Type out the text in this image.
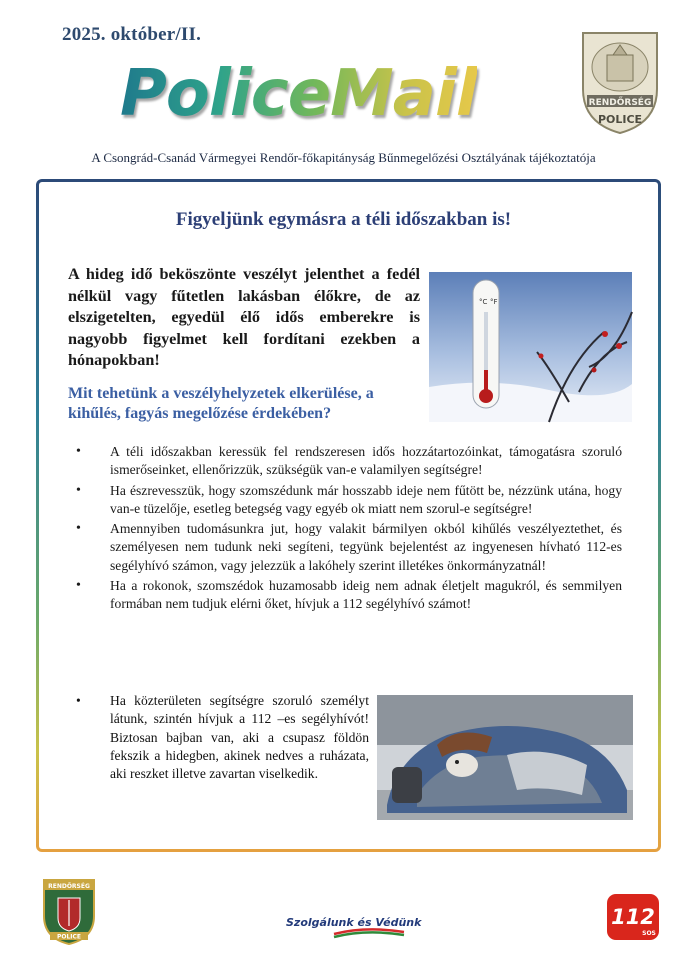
2025. október/II.
PoliceMail	RENDŐRSÉG
POLICE
A Csongrád-Csanád Vármegyei Rendőr-főkapitányság Bűnmegelőzési Osztályának tájékoztatója
Figyeljünk egymásra a téli időszakban is!
A hideg idő beköszönte veszélyt jelenthet a fedél nélkül vagy fűtetlen lakásban élőkre, de az elszigetelten, egyedül élő idős emberekre is nagyobb figyelmet kell fordítani ezekben a hónapokban!
Mit tehetünk a veszélyhelyzetek elkerülése, a kihűlés, fagyás megelőzése érdekében?
°C °F
• A téli időszakban keressük fel rendszeresen idős hozzátartozóinkat, támogatásra szoruló ismerőseinket, ellenőrizzük, szükségük van-e valamilyen segítségre!
• Ha észrevesszük, hogy szomszédunk már hosszabb ideje nem fűtött be, nézzünk utána, hogy van-e tüzelője, esetleg betegség vagy egyéb ok miatt nem szorul-e segítségre!
• Amennyiben tudomásunkra jut, hogy valakit bármilyen okból kihűlés veszélyeztethet, és személyesen nem tudunk neki segíteni, tegyünk bejelentést az ingyenesen hívható 112-es segélyhívó számon, vagy jelezzük a lakóhely szerint illetékes önkormányzatnál!
• Ha a rokonok, szomszédok huzamosabb ideig nem adnak életjelt magukról, és semmilyen formában nem tudjuk elérni őket, hívjuk a 112 segélyhívó számot!
• Ha közterületen segítségre szoruló személyt látunk, szintén hívjuk a 112 –es segélyhívót! Biztosan bajban van, aki a csupasz földön fekszik a hidegben, akinek nedves a ruházata, aki reszket illetve zavartan viselkedik.
RENDŐRSÉG
POLICE
Szolgálunk és Védünk	112
SOS
